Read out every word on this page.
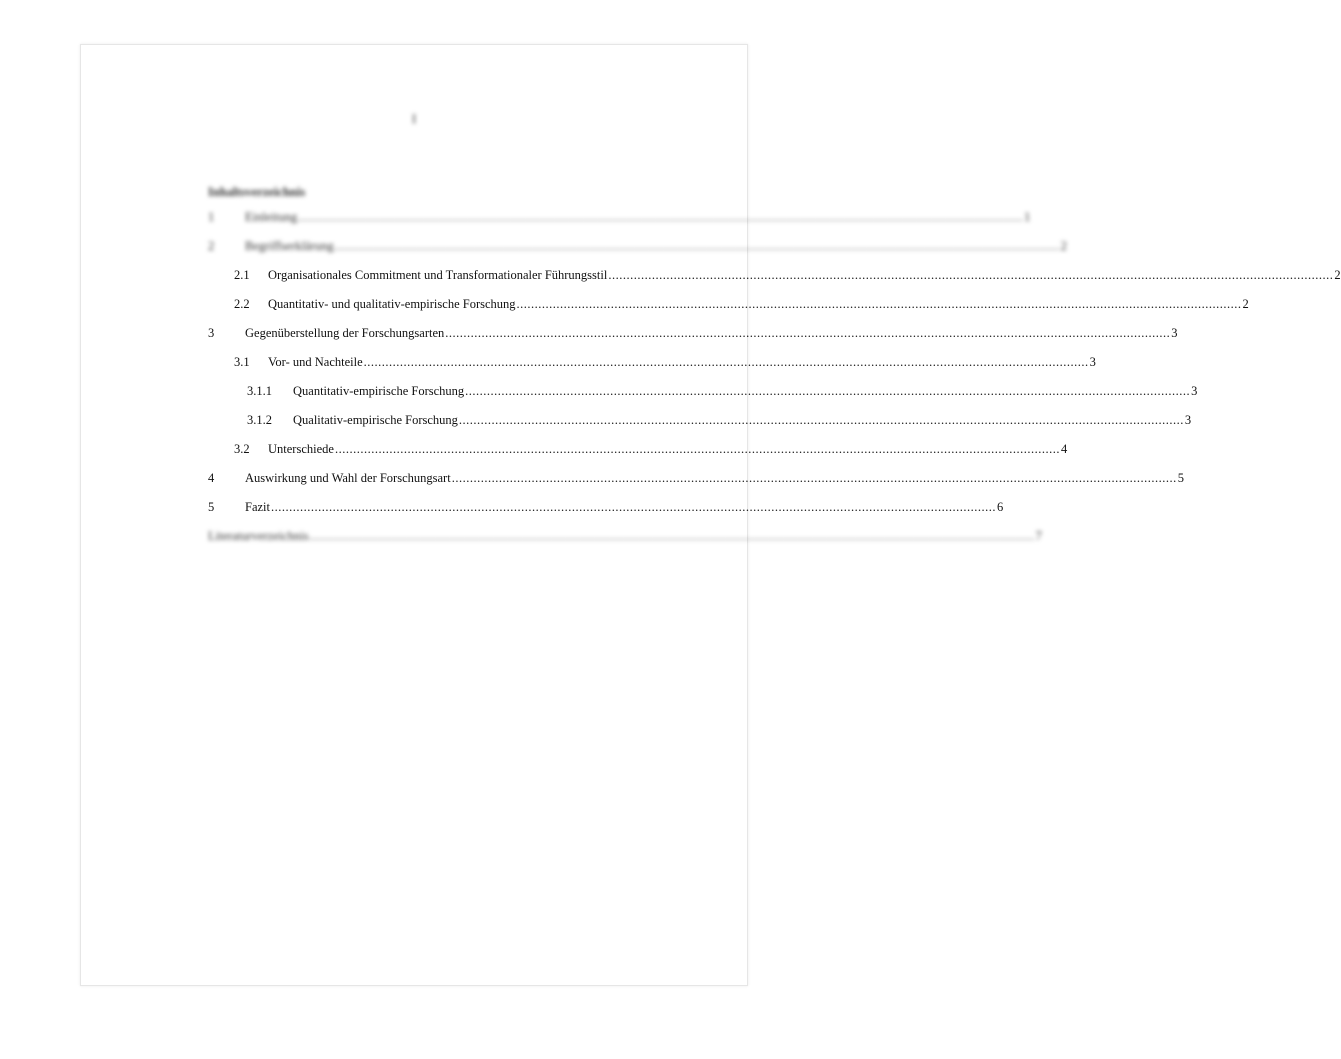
I
Inhaltsverzeichnis
1	Einleitung ........................................................................................................................................................................................................ 1
2	Begriffserklärung ........................................................................................................................................................................................................ 2
2.1	Organisationales Commitment und Transformationaler Führungsstil ........................................................................................................................................................................................................ 2
2.2	Quantitativ- und qualitativ-empirische Forschung ........................................................................................................................................................................................................ 2
3	Gegenüberstellung der Forschungsarten ........................................................................................................................................................................................................ 3
3.1	Vor- und Nachteile ........................................................................................................................................................................................................ 3
3.1.1	Quantitativ-empirische Forschung ........................................................................................................................................................................................................ 3
3.1.2	Qualitativ-empirische Forschung ........................................................................................................................................................................................................ 3
3.2	Unterschiede ........................................................................................................................................................................................................ 4
4	Auswirkung und Wahl der Forschungsart ........................................................................................................................................................................................................ 5
5	Fazit ........................................................................................................................................................................................................ 6
Literaturverzeichnis ........................................................................................................................................................................................................ 7
